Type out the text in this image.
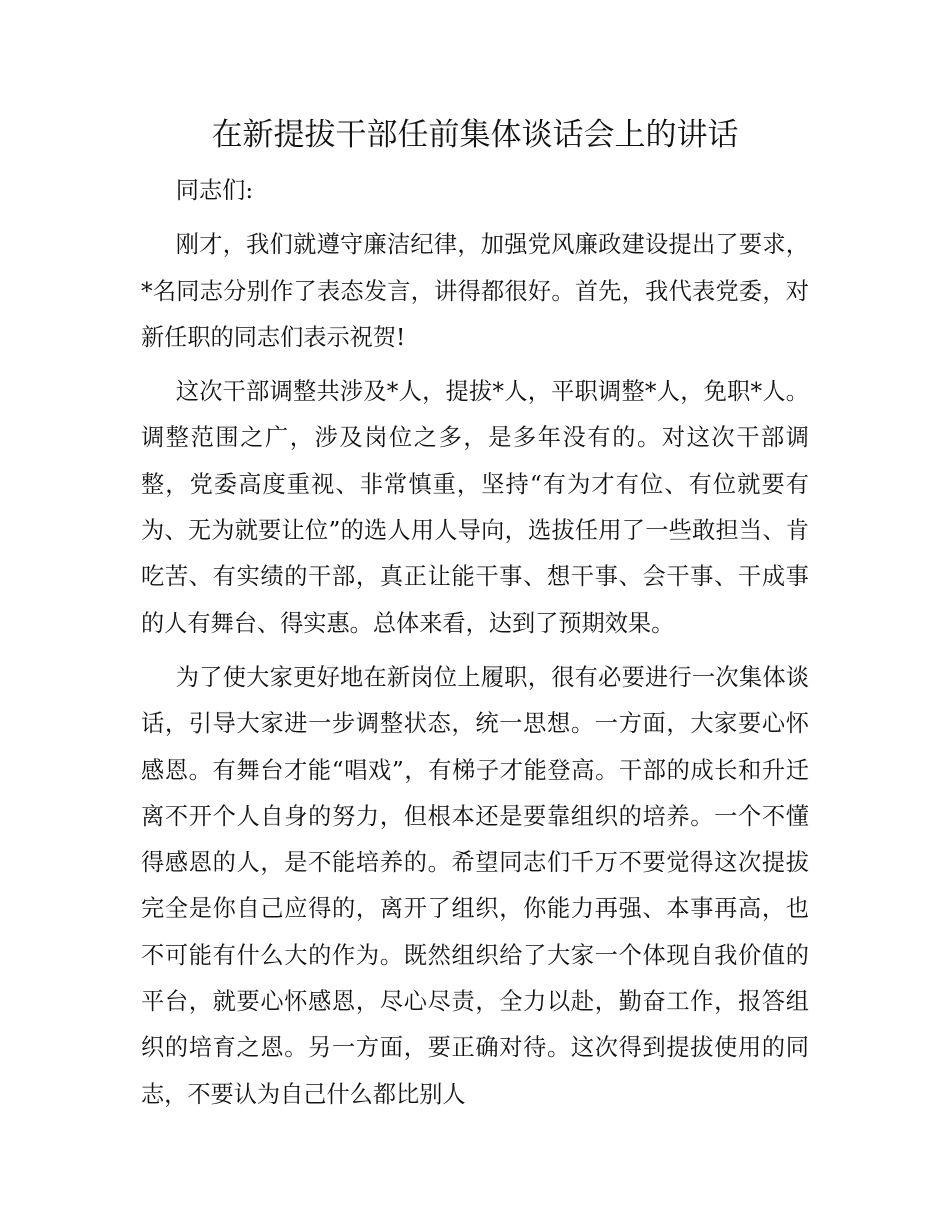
在新提拔干部任前集体谈话会上的讲话

同志们:

刚才，我们就遵守廉洁纪律，加强党风廉政建设提出了要求，*名同志分别作了表态发言，讲得都很好。首先，我代表党委，对新任职的同志们表示祝贺!

这次干部调整共涉及*人，提拔*人，平职调整*人，免职*人。调整范围之广，涉及岗位之多，是多年没有的。对这次干部调整，党委高度重视、非常慎重，坚持“有为才有位、有位就要有为、无为就要让位”的选人用人导向，选拔任用了一些敢担当、肯吃苦、有实绩的干部，真正让能干事、想干事、会干事、干成事的人有舞台、得实惠。总体来看，达到了预期效果。

为了使大家更好地在新岗位上履职，很有必要进行一次集体谈话，引导大家进一步调整状态，统一思想。一方面，大家要心怀感恩。有舞台才能“唱戏”，有梯子才能登高。干部的成长和升迁离不开个人自身的努力，但根本还是要靠组织的培养。一个不懂得感恩的人，是不能培养的。希望同志们千万不要觉得这次提拔完全是你自己应得的，离开了组织，你能力再强、本事再高，也不可能有什么大的作为。既然组织给了大家一个体现自我价值的平台，就要心怀感恩，尽心尽责，全力以赴，勤奋工作，报答组织的培育之恩。另一方面，要正确对待。这次得到提拔使用的同志，不要认为自己什么都比别人
